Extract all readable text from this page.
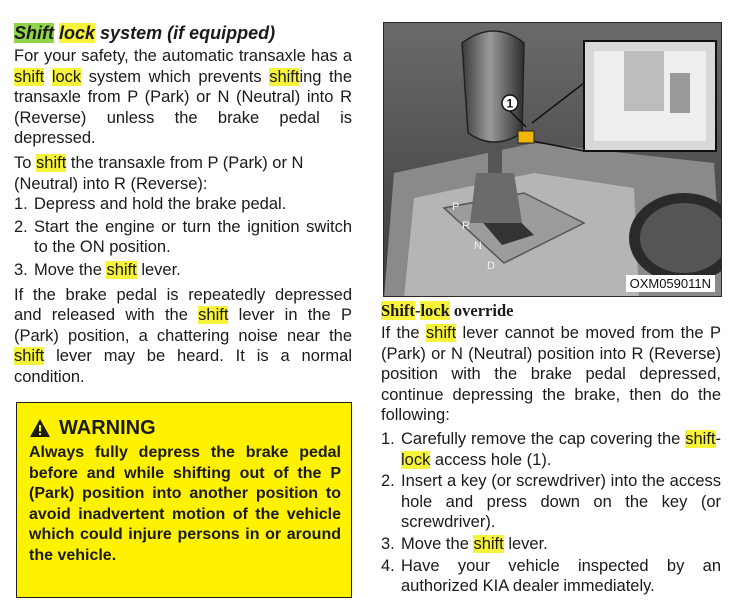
Shift lock system (if equipped)

For your safety, the automatic transaxle has a shift lock system which prevents shifting the transaxle from P (Park) or N (Neutral) into R (Reverse) unless the brake pedal is depressed.

To shift the transaxle from P (Park) or N (Neutral) into R (Reverse):

1. Depress and hold the brake pedal.
2. Start the engine or turn the ignition switch to the ON position.
3. Move the shift lever.

If the brake pedal is repeatedly depressed and released with the shift lever in the P (Park) position, a chattering noise near the shift lever may be heard. It is a normal condition.

WARNING

Always fully depress the brake pedal before and while shifting out of the P (Park) position into another position to avoid inadvertent motion of the vehicle which could injure persons in or around the vehicle.

P
R
N
D
1
OXM059011N
Shift-lock override

If the shift lever cannot be moved from the P (Park) or N (Neutral) position into R (Reverse) position with the brake pedal depressed, continue depressing the brake, then do the following:

1. Carefully remove the cap covering the shift-lock access hole (1).
2. Insert a key (or screwdriver) into the access hole and press down on the key (or screwdriver).
3. Move the shift lever.
4. Have your vehicle inspected by an authorized KIA dealer immediately.
